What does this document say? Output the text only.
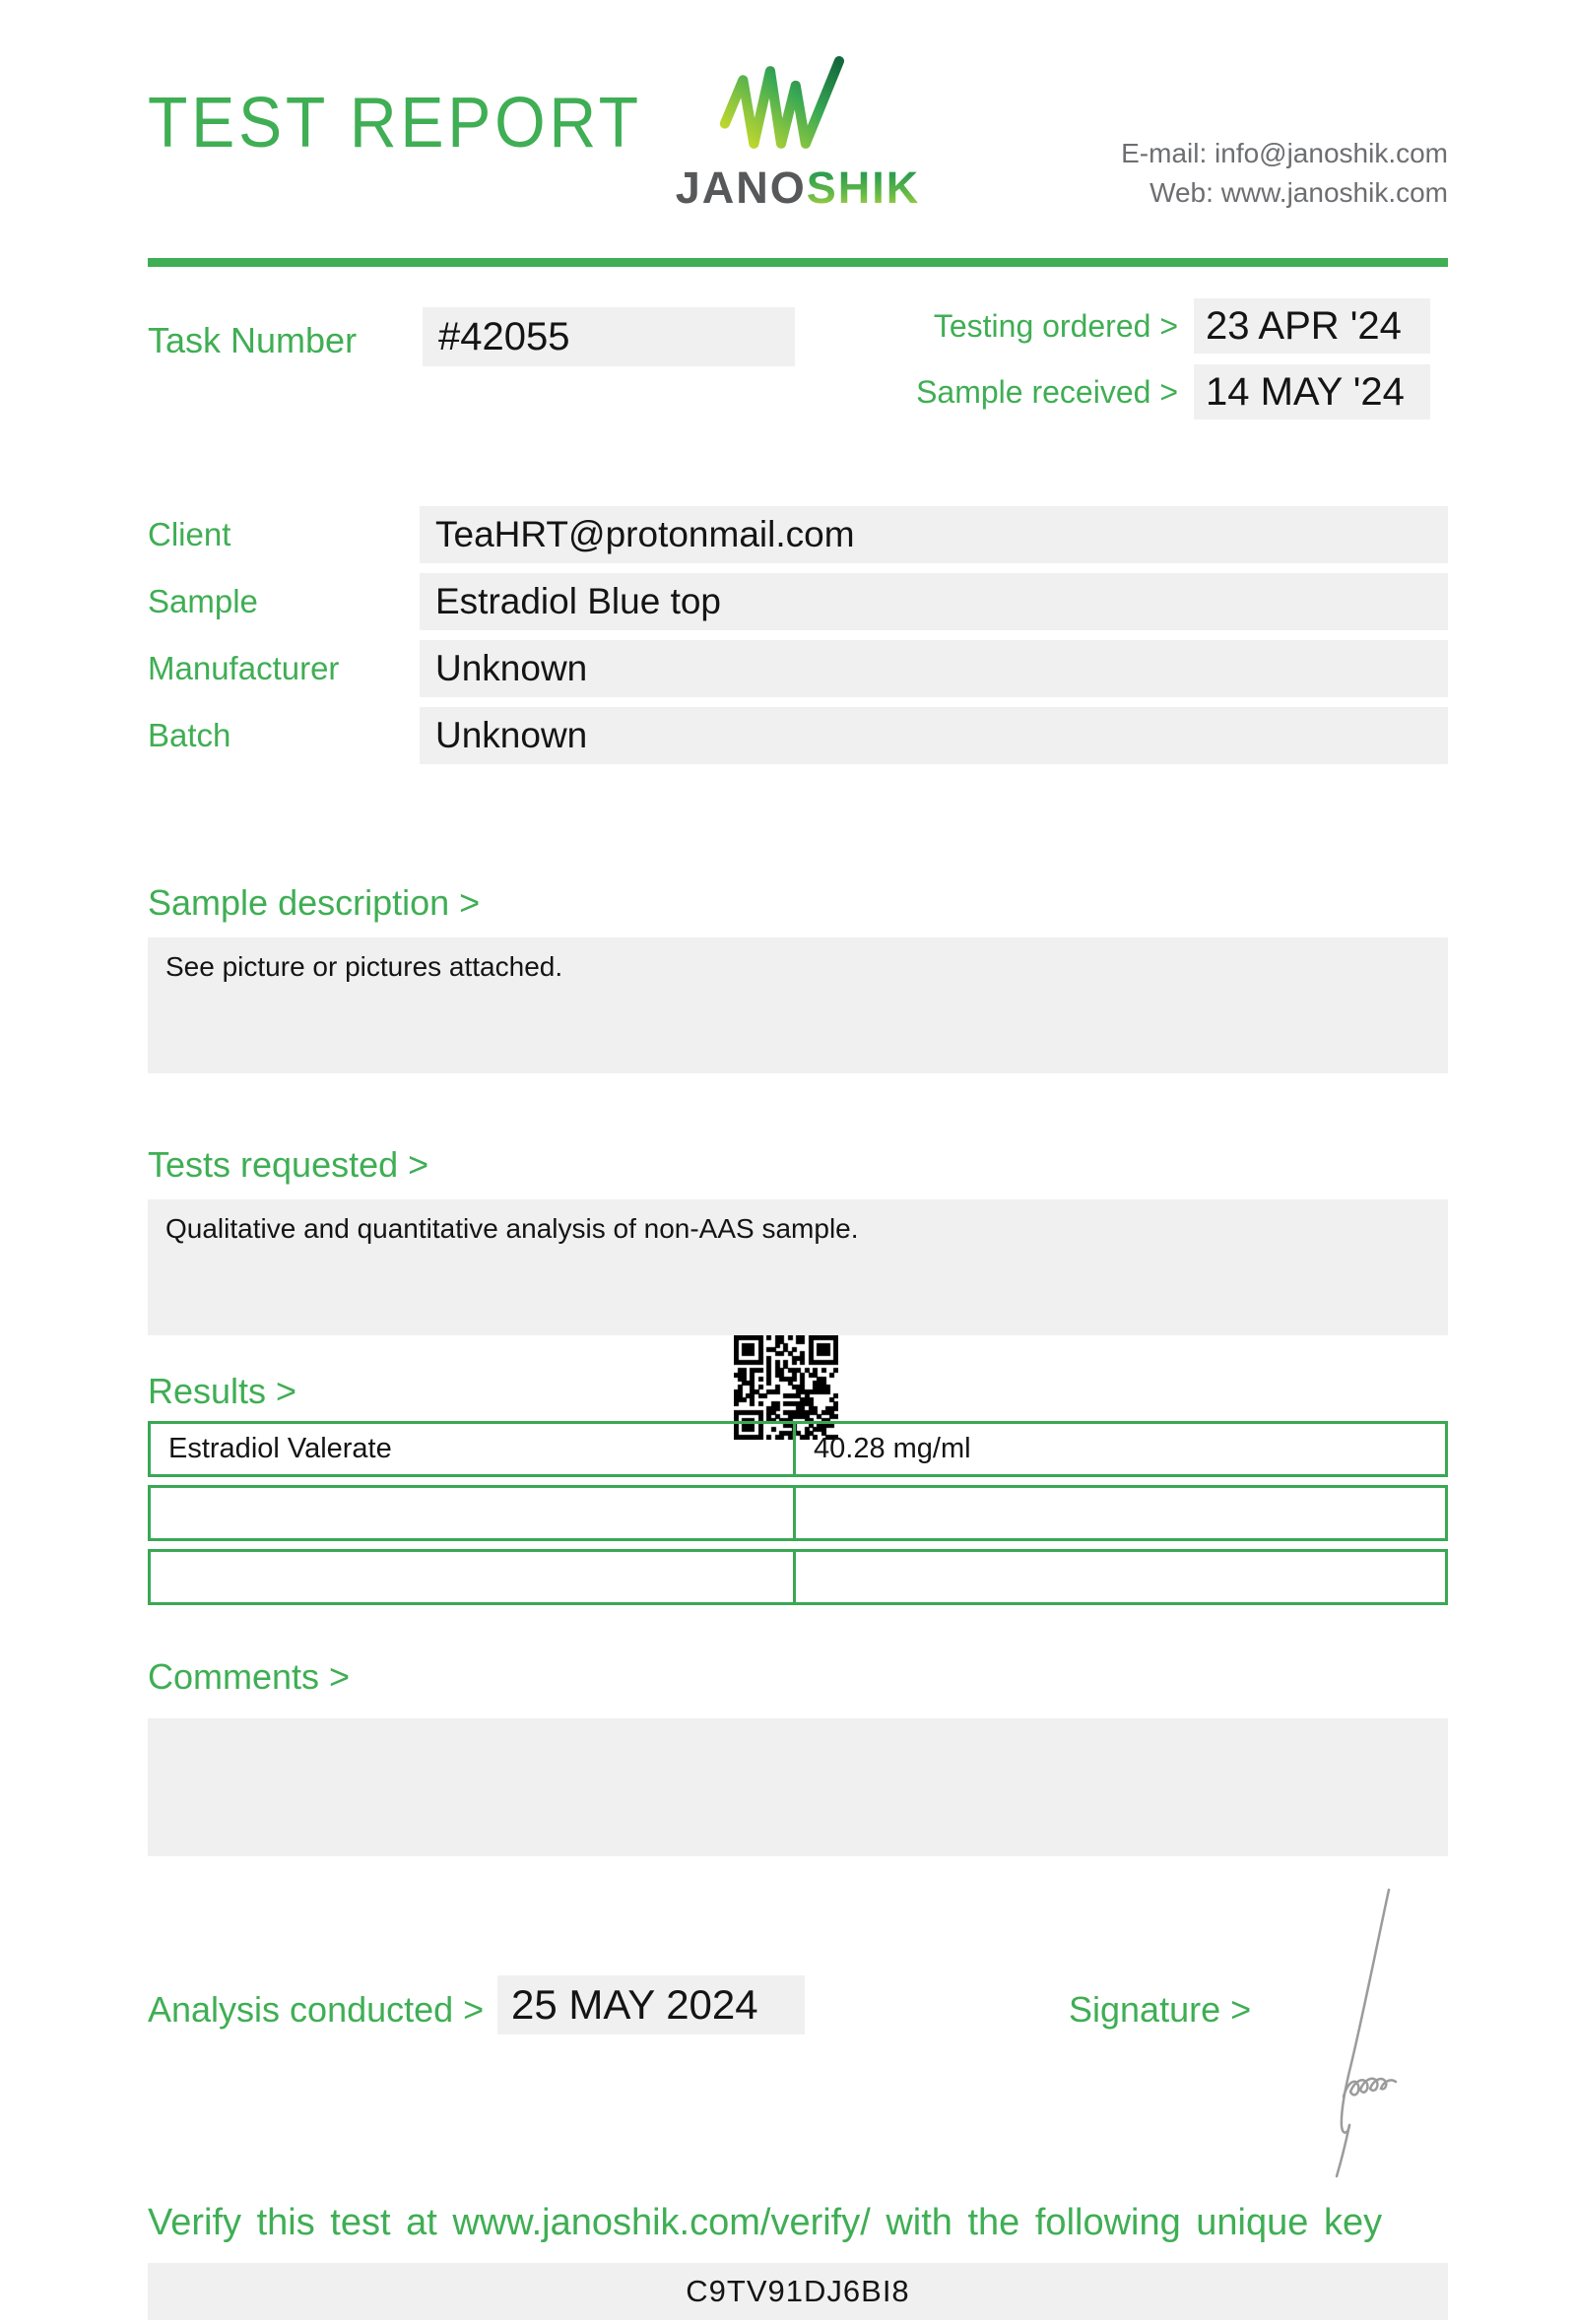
TEST REPORT
JANOSHIK
E-mail: info@janoshik.com
Web: www.janoshik.com
Task Number	#42055	Testing ordered > 23 APR '24
Sample received > 14 MAY '24
Client	TeaHRT@protonmail.com
Sample	Estradiol Blue top
Manufacturer	Unknown
Batch	Unknown
Sample description >
See picture or pictures attached.
Tests requested >
Qualitative and quantitative analysis of non-AAS sample.
Results >
Estradiol Valerate	40.28 mg/ml
Comments >
Analysis conducted > 25 MAY 2024	Signature >
Verify this test at www.janoshik.com/verify/ with the following unique key
C9TV91DJ6BI8
